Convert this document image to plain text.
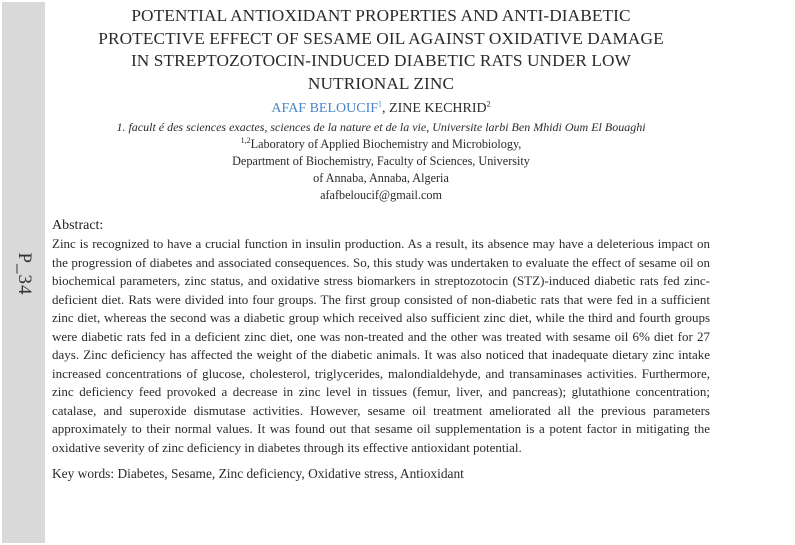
P_34
POTENTIAL ANTIOXIDANT PROPERTIES AND ANTI-DIABETIC
PROTECTIVE EFFECT OF SESAME OIL AGAINST OXIDATIVE DAMAGE
IN STREPTOZOTOCIN-INDUCED DIABETIC RATS UNDER LOW
NUTRIONAL ZINC
AFAF BELOUCIF$^1$, ZINE KECHRID$^2$
1. facult é des sciences exactes, sciences de la nature et de la vie, Universite larbi Ben Mhidi Oum El Bouaghi
$^{1,2}$Laboratory of Applied Biochemistry and Microbiology,
Department of Biochemistry, Faculty of Sciences, University
of Annaba, Annaba, Algeria
afafbeloucif@gmail.com
Abstract:
Zinc is recognized to have a crucial function in insulin production. As a result, its absence may have a deleterious impact on the progression of diabetes and associated consequences. So, this study was undertaken to evaluate the effect of sesame oil on biochemical parameters, zinc status, and oxidative stress biomarkers in streptozotocin (STZ)-induced diabetic rats fed zinc-deficient diet. Rats were divided into four groups. The first group consisted of non-diabetic rats that were fed in a sufficient zinc diet, whereas the second was a diabetic group which received also sufficient zinc diet, while the third and fourth groups were diabetic rats fed in a deficient zinc diet, one was non-treated and the other was treated with sesame oil 6% diet for 27 days. Zinc deficiency has affected the weight of the diabetic animals. It was also noticed that inadequate dietary zinc intake increased concentrations of glucose, cholesterol, triglycerides, malondialdehyde, and transaminases activities. Furthermore, zinc deficiency feed provoked a decrease in zinc level in tissues (femur, liver, and pancreas); glutathione concentration; catalase, and superoxide dismutase activities. However, sesame oil treatment ameliorated all the previous parameters approximately to their normal values. It was found out that sesame oil supplementation is a potent factor in mitigating the oxidative severity of zinc deficiency in diabetes through its effective antioxidant potential.
Key words: Diabetes, Sesame, Zinc deficiency, Oxidative stress, Antioxidant
